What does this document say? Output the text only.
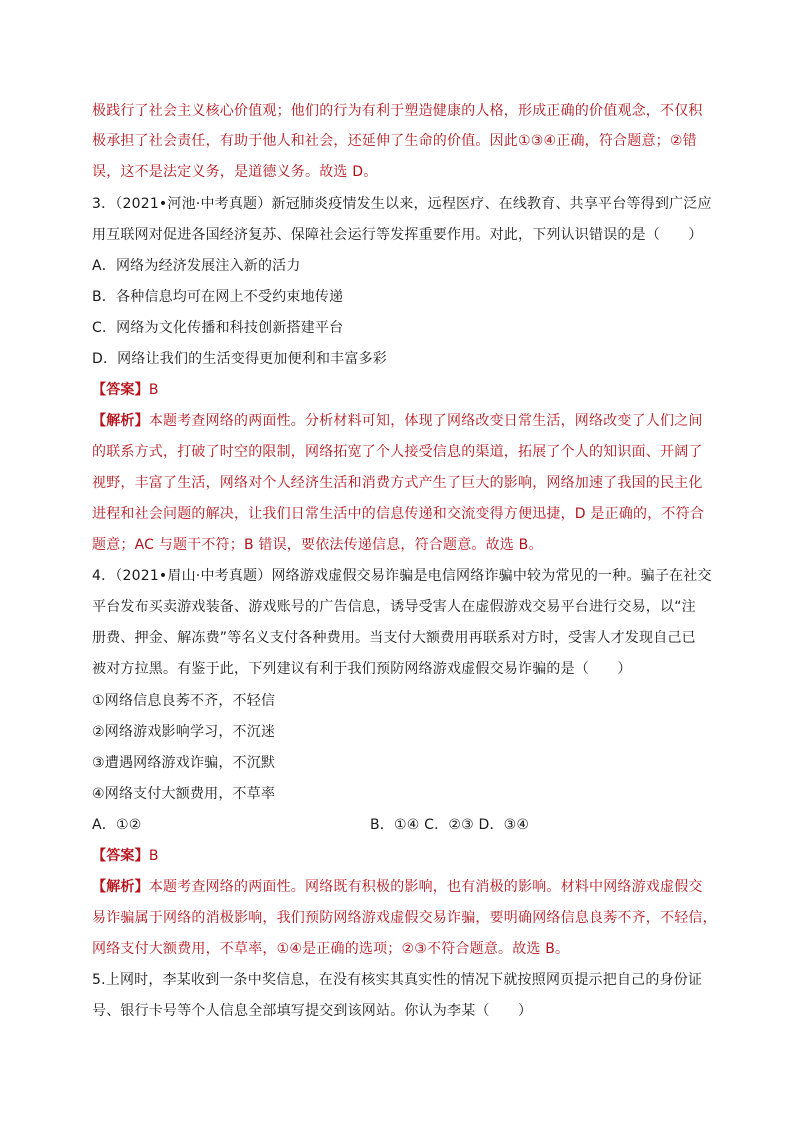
极践行了社会主义核心价值观；他们的行为有利于塑造健康的人格，形成正确的价值观念，不仅积
极承担了社会责任，有助于他人和社会，还延伸了生命的价值。因此①③④正确，符合题意；②错
误，这不是法定义务，是道德义务。故选 D。
3．（2021•河池·中考真题）新冠肺炎疫情发生以来，远程医疗、在线教育、共享平台等得到广泛应
用互联网对促进各国经济复苏、保障社会运行等发挥重要作用。对此，下列认识错误的是（　　）
A．网络为经济发展注入新的活力
B．各种信息均可在网上不受约束地传递
C．网络为文化传播和科技创新搭建平台
D．网络让我们的生活变得更加便利和丰富多彩
【答案】B
【解析】本题考查网络的两面性。分析材料可知，体现了网络改变日常生活，网络改变了人们之间
的联系方式，打破了时空的限制，网络拓宽了个人接受信息的渠道，拓展了个人的知识面、开阔了
视野，丰富了生活，网络对个人经济生活和消费方式产生了巨大的影响，网络加速了我国的民主化
进程和社会问题的解决，让我们日常生活中的信息传递和交流变得方便迅捷，D 是正确的，不符合
题意；AC 与题干不符；B 错误，要依法传递信息，符合题意。故选 B。
4．（2021•眉山·中考真题）网络游戏虚假交易诈骗是电信网络诈骗中较为常见的一种。骗子在社交
平台发布买卖游戏装备、游戏账号的广告信息，诱导受害人在虚假游戏交易平台进行交易，以“注
册费、押金、解冻费”等名义支付各种费用。当支付大额费用再联系对方时，受害人才发现自己已
被对方拉黑。有鉴于此，下列建议有利于我们预防网络游戏虚假交易诈骗的是（　　）
①网络信息良莠不齐，不轻信
②网络游戏影响学习，不沉迷
③遭遇网络游戏诈骗，不沉默
④网络支付大额费用，不草率
A．①②	B．①④ C．②③ D．③④
【答案】B
【解析】本题考查网络的两面性。网络既有积极的影响，也有消极的影响。材料中网络游戏虚假交
易诈骗属于网络的消极影响，我们预防网络游戏虚假交易诈骗，要明确网络信息良莠不齐，不轻信，
网络支付大额费用，不草率，①④是正确的选项；②③不符合题意。故选 B。
5.上网时，李某收到一条中奖信息，在没有核实其真实性的情况下就按照网页提示把自己的身份证
号、银行卡号等个人信息全部填写提交到该网站。你认为李某（　　）
